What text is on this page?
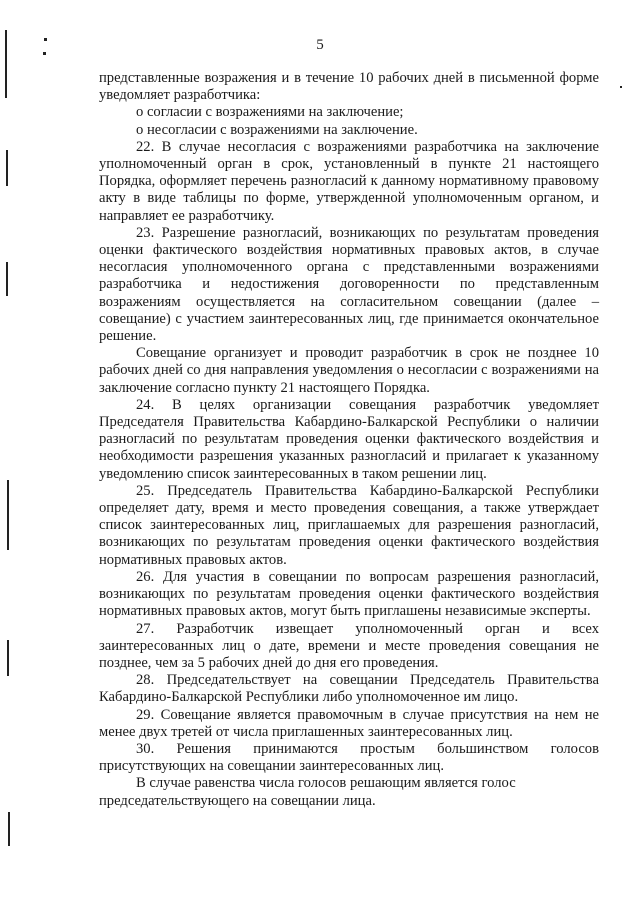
5

представленные возражения и в течение 10 рабочих дней в письменной форме уведомляет разработчика:

о согласии с возражениями на заключение;

о несогласии с возражениями на заключение.

22. В случае несогласия с возражениями разработчика на заключение уполномоченный орган в срок, установленный в пункте 21 настоящего Порядка, оформляет перечень разногласий к данному нормативному правовому акту в виде таблицы по форме, утвержденной уполномоченным органом, и направляет ее разработчику.

23. Разрешение разногласий, возникающих по результатам проведения оценки фактического воздействия нормативных правовых актов, в случае несогласия уполномоченного органа с представленными возражениями разработчика и недостижения договоренности по представленным возражениям осуществляется на согласительном совещании (далее – совещание) с участием заинтересованных лиц, где принимается окончательное решение.

Совещание организует и проводит разработчик в срок не позднее 10 рабочих дней со дня направления уведомления о несогласии с возражениями на заключение согласно пункту 21 настоящего Порядка.

24. В целях организации совещания разработчик уведомляет Председателя Правительства Кабардино-Балкарской Республики о наличии разногласий по результатам проведения оценки фактического воздействия и необходимости разрешения указанных разногласий и прилагает к указанному уведомлению список заинтересованных в таком решении лиц.

25. Председатель Правительства Кабардино-Балкарской Республики определяет дату, время и место проведения совещания, а также утверждает список заинтересованных лиц, приглашаемых для разрешения разногласий, возникающих по результатам проведения оценки фактического воздействия нормативных правовых актов.

26. Для участия в совещании по вопросам разрешения разногласий, возникающих по результатам проведения оценки фактического воздействия нормативных правовых актов, могут быть приглашены независимые эксперты.

27. Разработчик извещает уполномоченный орган и всех заинтересованных лиц о дате, времени и месте проведения совещания не позднее, чем за 5 рабочих дней до дня его проведения.

28. Председательствует на совещании Председатель Правительства Кабардино-Балкарской Республики либо уполномоченное им лицо.

29. Совещание является правомочным в случае присутствия на нем не менее двух третей от числа приглашенных заинтересованных лиц.

30. Решения принимаются простым большинством голосов присутствующих на совещании заинтересованных лиц.

В случае равенства числа голосов решающим является голос председательствующего на совещании лица.
